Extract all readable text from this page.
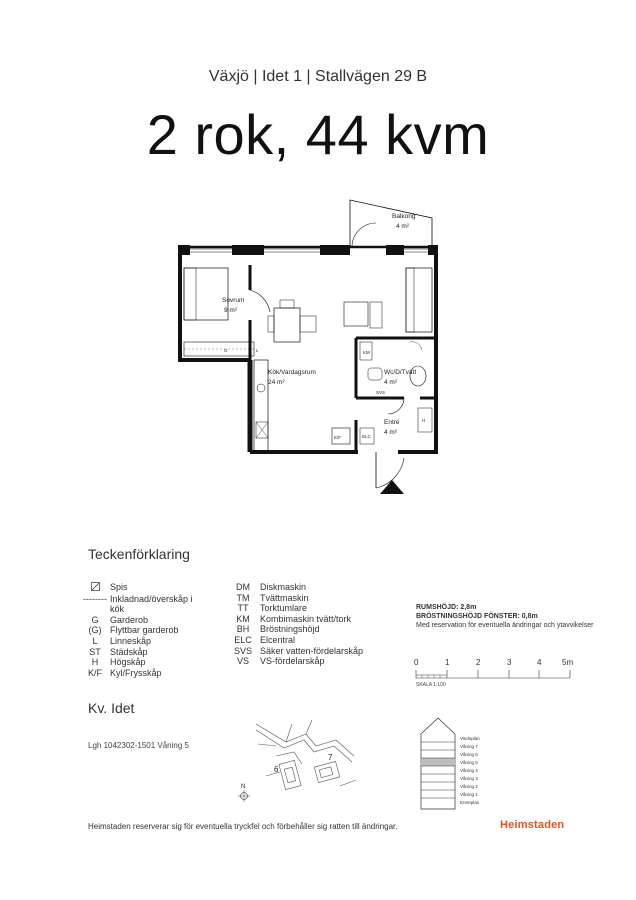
Växjö | Idet 1 | Stallvägen 29 B
2 rok, 44 kvm
Balkong
4 m²
Sovrum
9 m²
Kök/Vardagsrum
24 m²
Wc/D/Tvätt
4 m²
Entré
4 m²
KM
K/F
G	L
SVS
ELC
H
Teckenförklaring
Spis
-------- Inkladnad/överskåp i
kök
G	Garderob
(G) Flyttbar garderob
L	Linneskåp
ST	Städskåp
H	Högskåp
K/F Kyl/Frysskåp
DM	Diskmaskin
TM	Tvättmaskin
TT	Torktumlare
KM	Kombimaskin tvätt/tork
BH	Bröstningshöjd
ELC Elcentral
SVS Säker vatten-fördelarskåp
VS	VS-fördelarskåp
RUMSHÖJD: 2,8m
BRÖSTNINGSHÖJD FÖNSTER: 0,8m
Med reservation för eventuella ändringar och ytavvikelser
0	1	2	3	4	5m
SKALA 1:100
Kv. Idet
Lgh 1042302-1501 Våning 5
6
7
N
Vindsplan
Våning 7
Våning 6
Våning 5
Våning 4
Våning 3
Våning 2
Våning 1
Entreplan
Heimstaden reserverar sig för eventuella tryckfel och förbehåller sig ratten till ändringar.	Heimstaden
